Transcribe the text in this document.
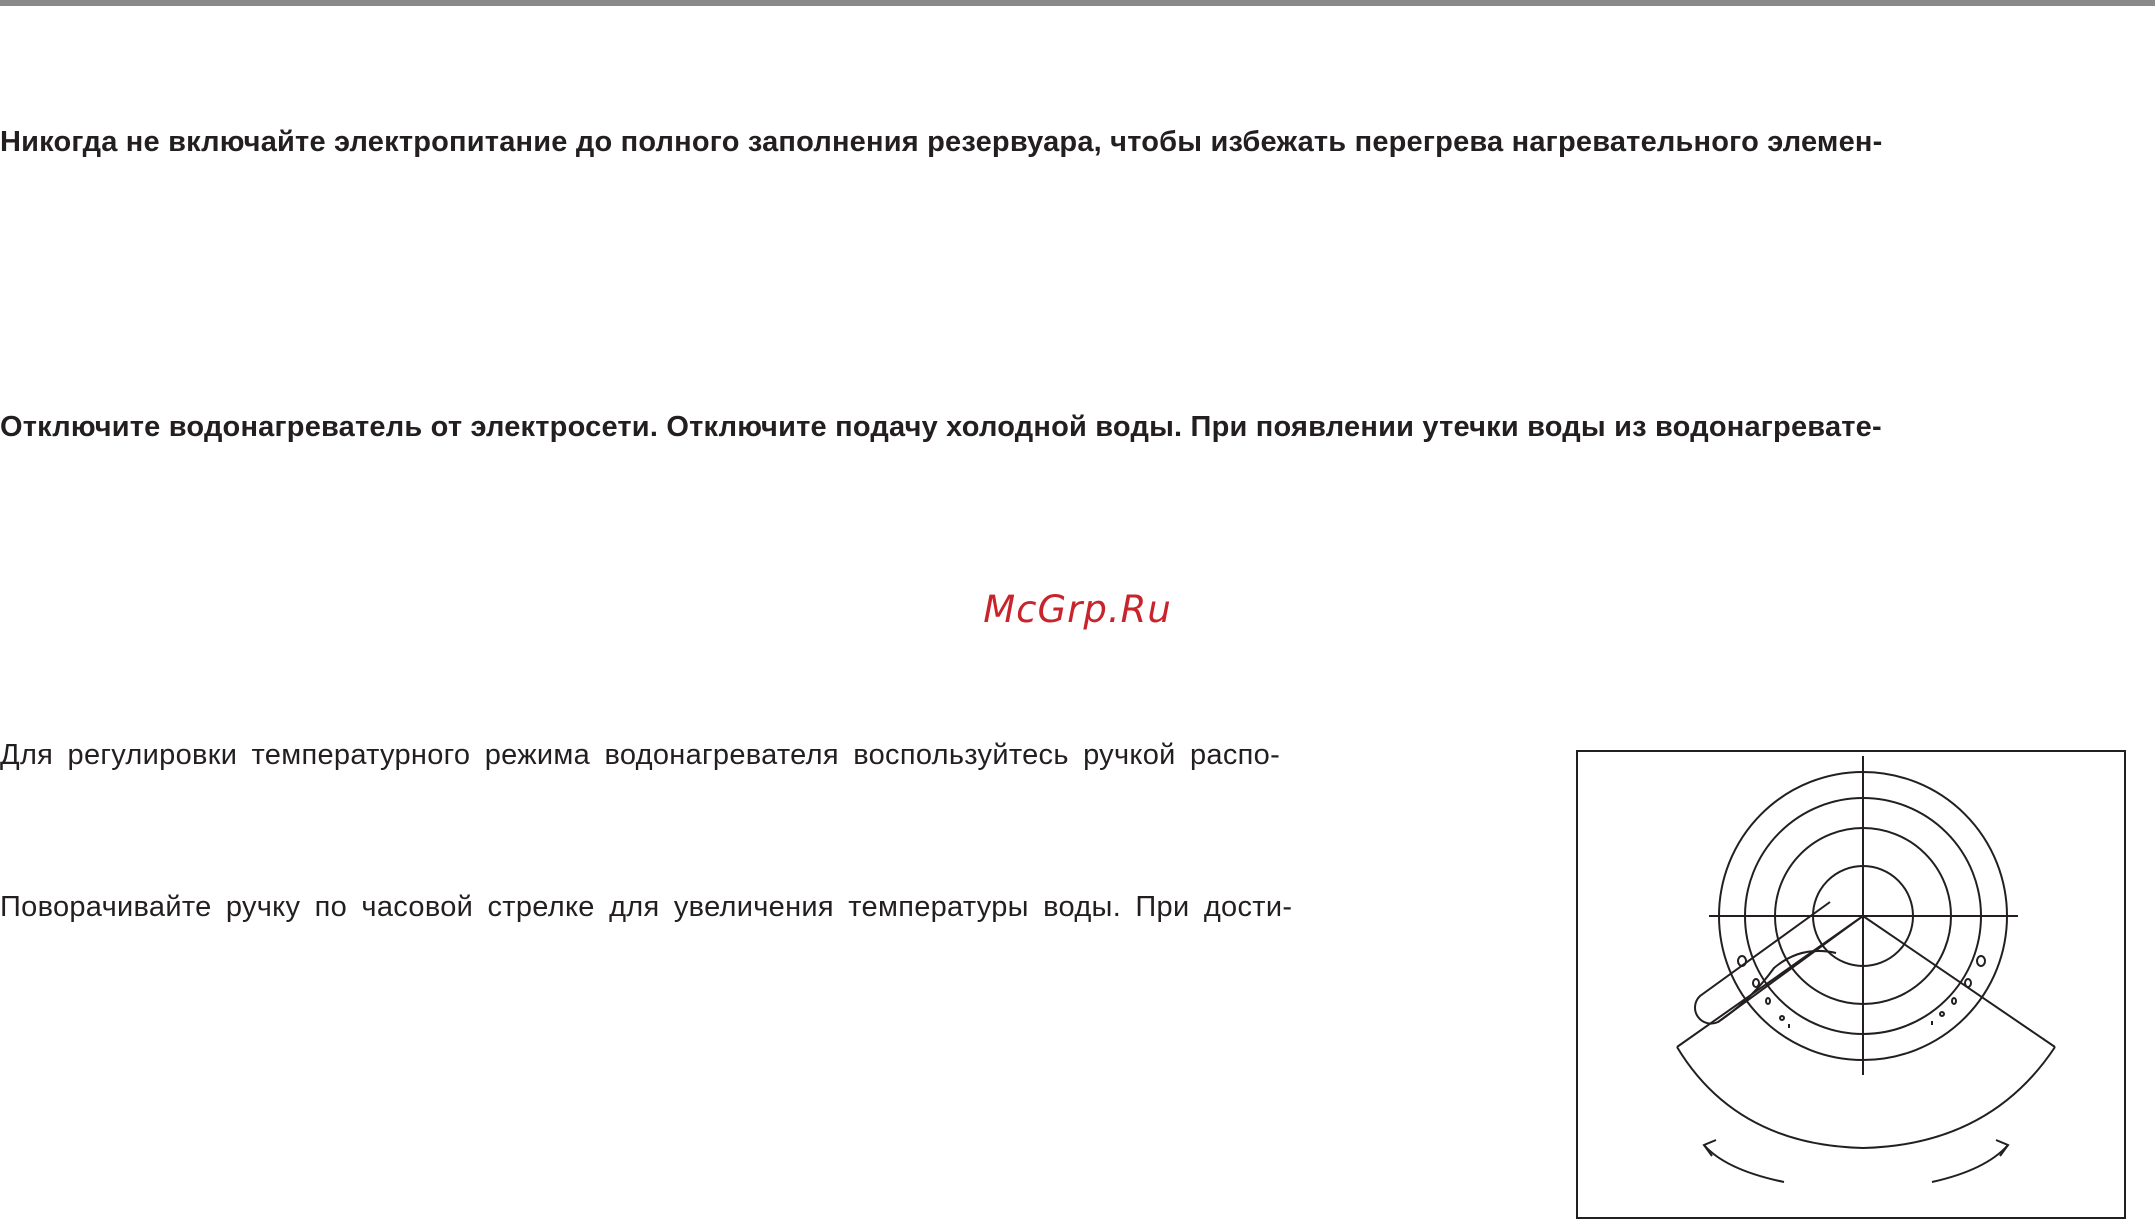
Никогда не включайте электропитание до полного заполнения резервуара, чтобы избежать перегрева нагревательного элемен-
Отключите водонагреватель от электросети. Отключите подачу холодной воды. При появлении утечки воды из водонагревате-
McGrp.Ru
Для регулировки температурного режима водонагревателя воспользуйтесь ручкой распо-
Поворачивайте ручку по часовой стрелке для увеличения температуры воды. При дости-
